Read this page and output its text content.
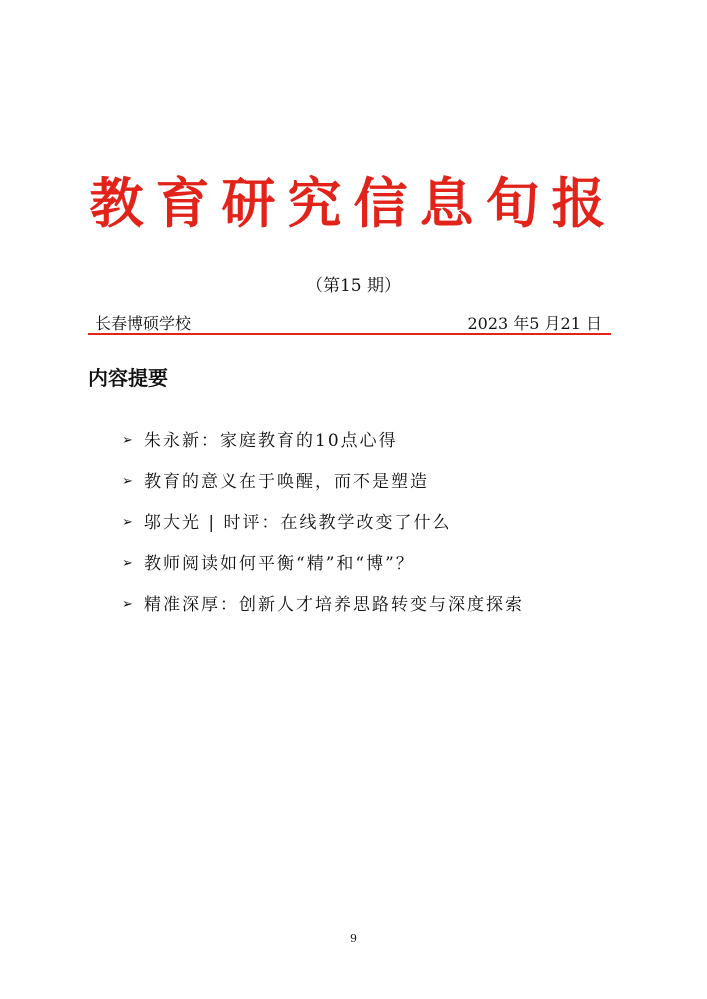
教育研究信息旬报
（第15 期）
长春博硕学校	2023 年5 月21 日
内容提要
➢ 朱永新：家庭教育的10点心得
➢ 教育的意义在于唤醒，而不是塑造
➢ 邬大光 | 时评：在线教学改变了什么
➢ 教师阅读如何平衡“精”和“博”？
➢ 精准深厚：创新人才培养思路转变与深度探索
9
